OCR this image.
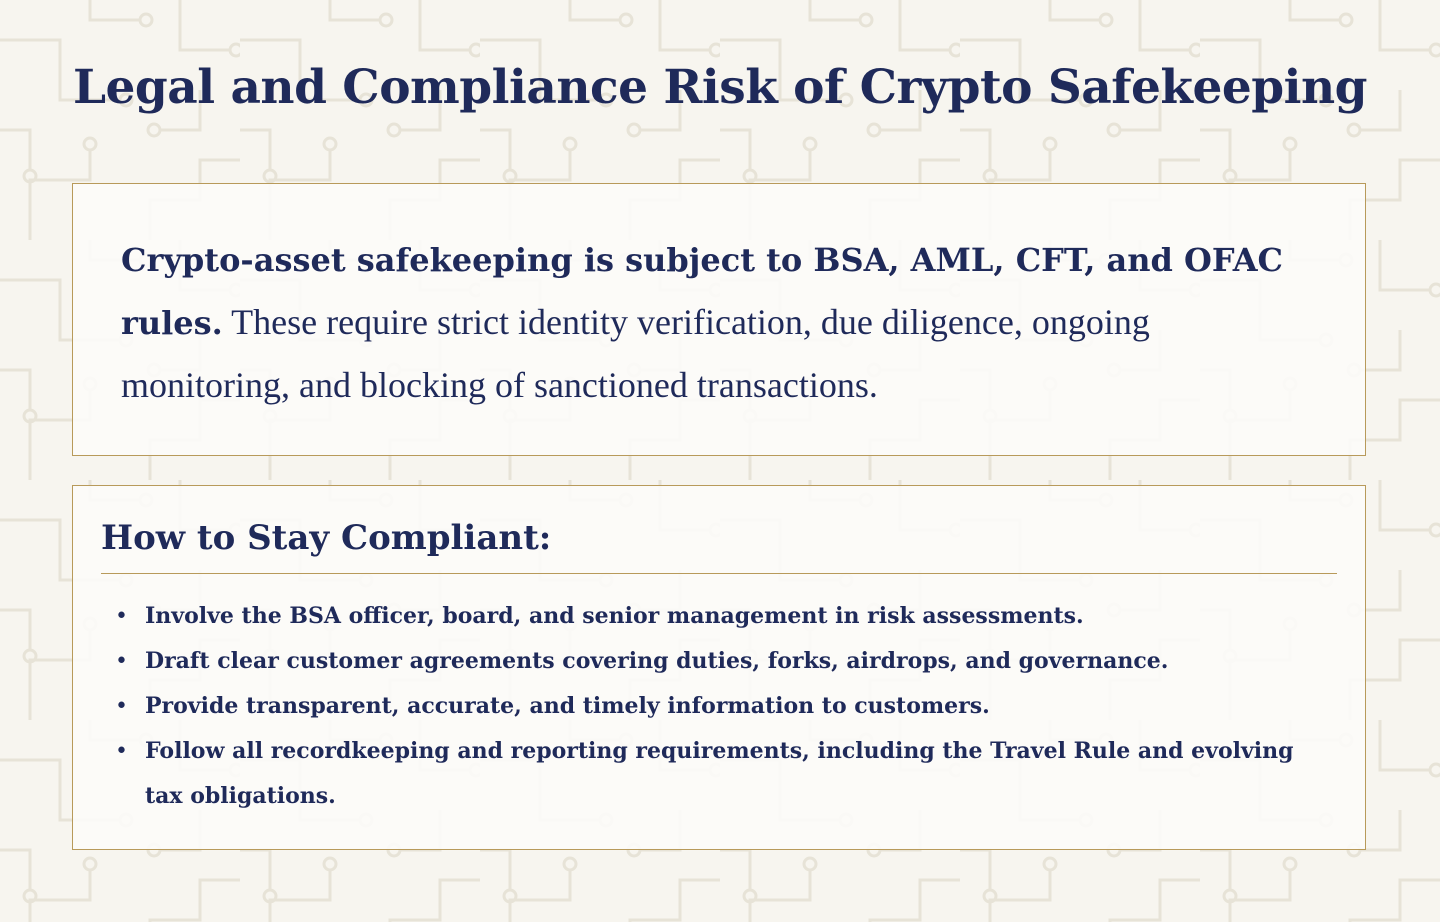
Legal and Compliance Risk of Crypto Safekeeping

Crypto-asset safekeeping is subject to BSA, AML, CFT, and OFAC rules. These require strict identity verification, due diligence, ongoing monitoring, and blocking of sanctioned transactions.

How to Stay Compliant:
• Involve the BSA officer, board, and senior management in risk assessments.
• Draft clear customer agreements covering duties, forks, airdrops, and governance.
• Provide transparent, accurate, and timely information to customers.
• Follow all recordkeeping and reporting requirements, including the Travel Rule and evolving tax obligations.
